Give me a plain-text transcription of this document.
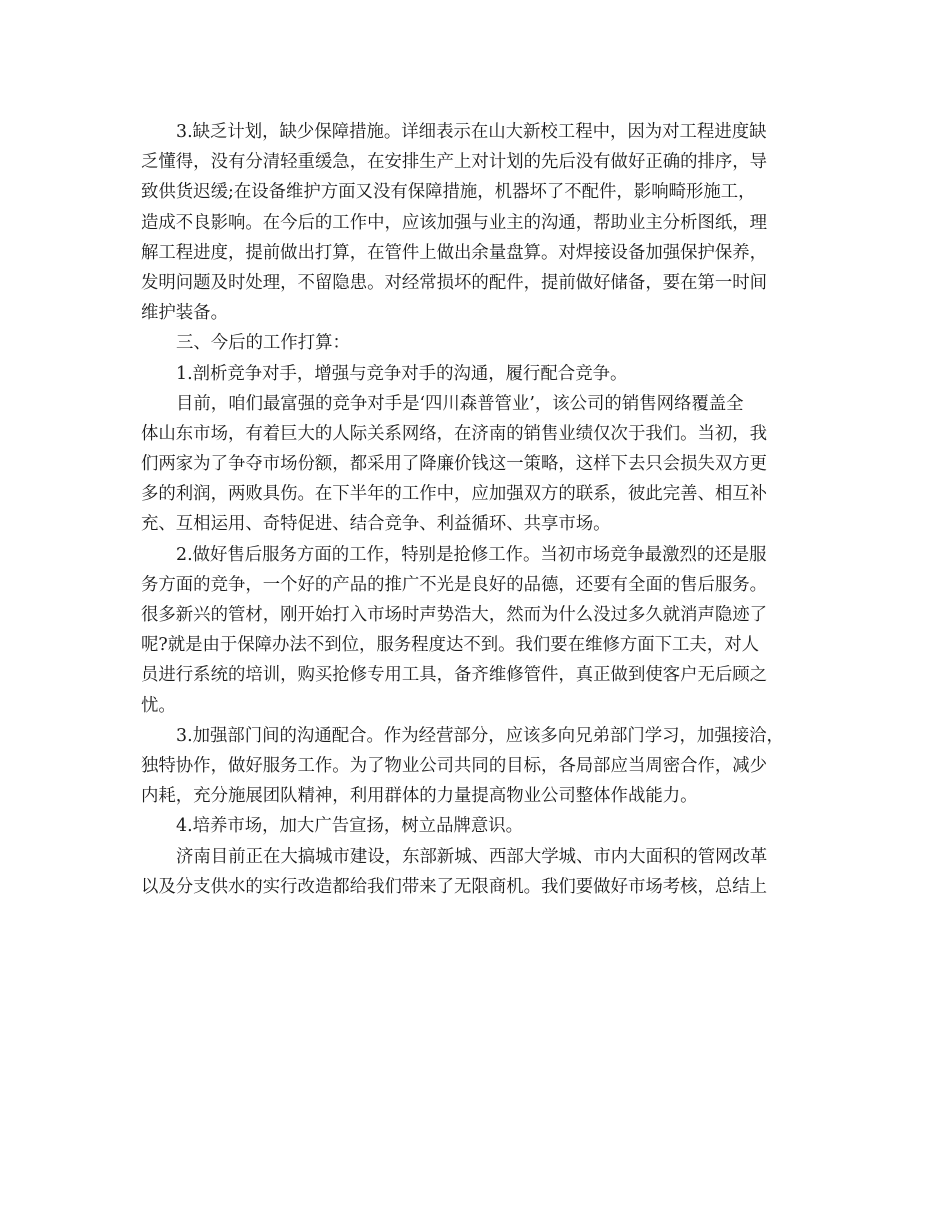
3.缺乏计划，缺少保障措施。详细表示在山大新校工程中，因为对工程进度缺
乏懂得，没有分清轻重缓急，在安排生产上对计划的先后没有做好正确的排序，导
致供货迟缓;在设备维护方面又没有保障措施，机器坏了不配件，影响畸形施工，
造成不良影响。在今后的工作中，应该加强与业主的沟通，帮助业主分析图纸，理
解工程进度，提前做出打算，在管件上做出余量盘算。对焊接设备加强保护保养，
发明问题及时处理，不留隐患。对经常损坏的配件，提前做好储备，要在第一时间
维护装备。
三、今后的工作打算：
1.剖析竞争对手，增强与竞争对手的沟通，履行配合竞争。
目前，咱们最富强的竞争对手是‘四川森普管业’，该公司的销售网络覆盖全
体山东市场，有着巨大的人际关系网络，在济南的销售业绩仅次于我们。当初，我
们两家为了争夺市场份额，都采用了降廉价钱这一策略，这样下去只会损失双方更
多的利润，两败具伤。在下半年的工作中，应加强双方的联系，彼此完善、相互补
充、互相运用、奇特促进、结合竞争、利益循环、共享市场。
2.做好售后服务方面的工作，特别是抢修工作。当初市场竞争最激烈的还是服
务方面的竞争，一个好的产品的推广不光是良好的品德，还要有全面的售后服务。
很多新兴的管材，刚开始打入市场时声势浩大，然而为什么没过多久就消声隐迹了
呢?就是由于保障办法不到位，服务程度达不到。我们要在维修方面下工夫，对人
员进行系统的培训，购买抢修专用工具，备齐维修管件，真正做到使客户无后顾之
忧。
3.加强部门间的沟通配合。作为经营部分，应该多向兄弟部门学习，加强接洽，
独特协作，做好服务工作。为了物业公司共同的目标，各局部应当周密合作，减少
内耗，充分施展团队精神，利用群体的力量提高物业公司整体作战能力。
4.培养市场，加大广告宣扬，树立品牌意识。
济南目前正在大搞城市建设，东部新城、西部大学城、市内大面积的管网改革
以及分支供水的实行改造都给我们带来了无限商机。我们要做好市场考核，总结上
